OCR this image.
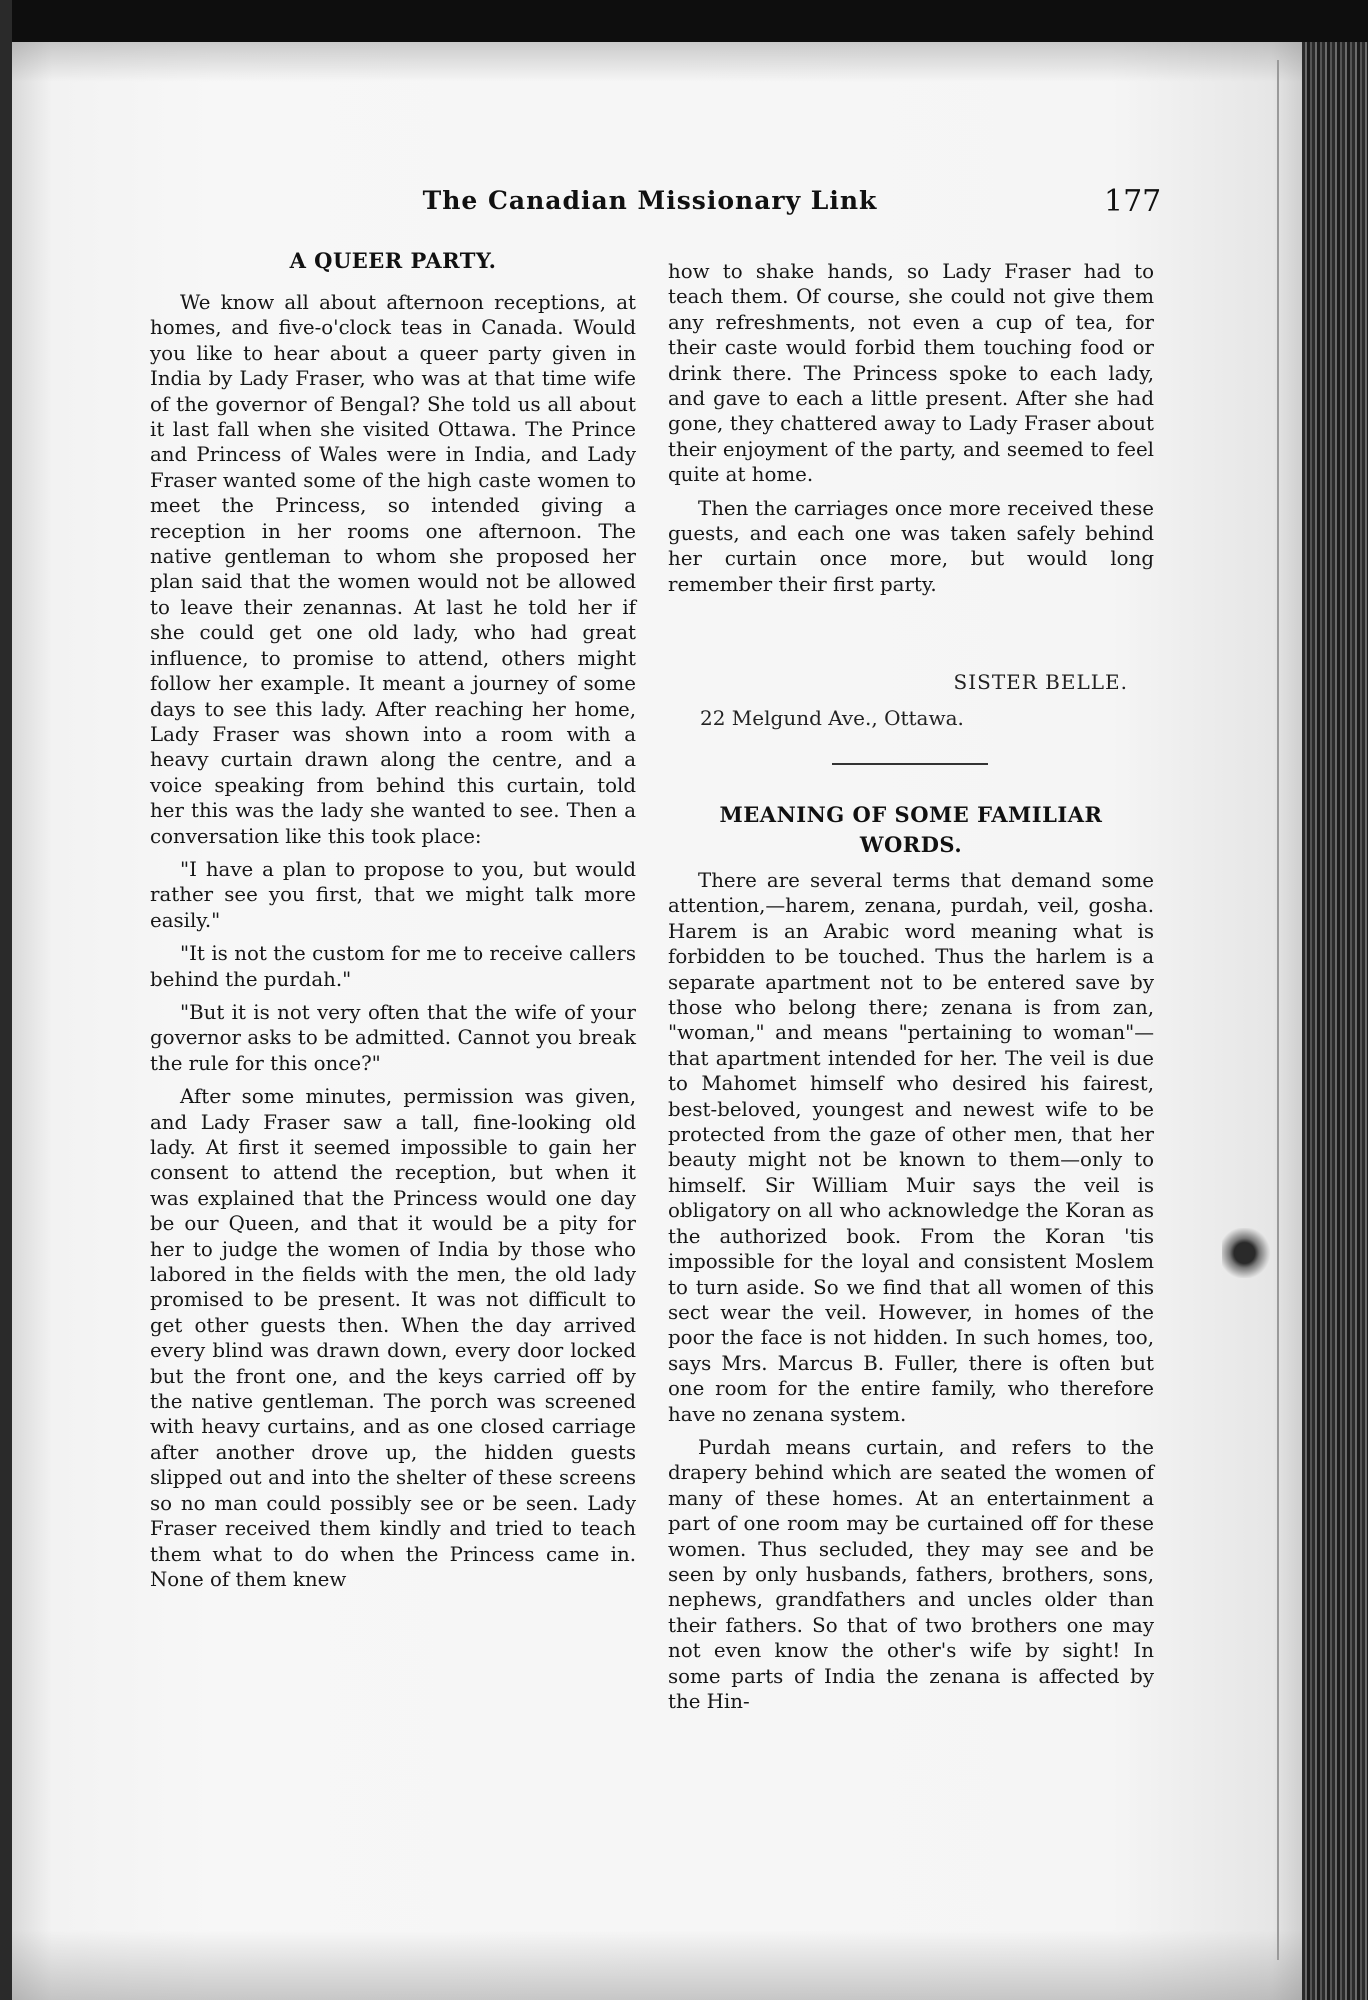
The Canadian Missionary Link	177
A QUEER PARTY.

We know all about afternoon receptions, at homes, and five-o'clock teas in Canada. Would you like to hear about a queer party given in India by Lady Fraser, who was at that time wife of the governor of Bengal? She told us all about it last fall when she visited Ottawa. The Prince and Princess of Wales were in India, and Lady Fraser wanted some of the high caste women to meet the Princess, so intended giving a reception in her rooms one afternoon. The native gentleman to whom she proposed her plan said that the women would not be allowed to leave their zenannas. At last he told her if she could get one old lady, who had great influence, to promise to attend, others might follow her example. It meant a journey of some days to see this lady. After reaching her home, Lady Fraser was shown into a room with a heavy curtain drawn along the centre, and a voice speaking from behind this curtain, told her this was the lady she wanted to see. Then a conversation like this took place:

"I have a plan to propose to you, but would rather see you first, that we might talk more easily."

"It is not the custom for me to receive callers behind the purdah."

"But it is not very often that the wife of your governor asks to be admitted. Cannot you break the rule for this once?"

After some minutes, permission was given, and Lady Fraser saw a tall, fine-looking old lady. At first it seemed impossible to gain her consent to attend the reception, but when it was explained that the Princess would one day be our Queen, and that it would be a pity for her to judge the women of India by those who labored in the fields with the men, the old lady promised to be present. It was not difficult to get other guests then. When the day arrived every blind was drawn down, every door locked but the front one, and the keys carried off by the native gentleman. The porch was screened with heavy curtains, and as one closed carriage after another drove up, the hidden guests slipped out and into the shelter of these screens so no man could possibly see or be seen. Lady Fraser received them kindly and tried to teach them what to do when the Princess came in. None of them knew

how to shake hands, so Lady Fraser had to teach them. Of course, she could not give them any refreshments, not even a cup of tea, for their caste would forbid them touching food or drink there. The Princess spoke to each lady, and gave to each a little present. After she had gone, they chattered away to Lady Fraser about their enjoyment of the party, and seemed to feel quite at home.

Then the carriages once more received these guests, and each one was taken safely behind her curtain once more, but would long remember their first party.

SISTER BELLE.
22 Melgund Ave., Ottawa.
MEANING OF SOME FAMILIAR WORDS.

There are several terms that demand some attention,—harem, zenana, purdah, veil, gosha. Harem is an Arabic word meaning what is forbidden to be touched. Thus the harlem is a separate apartment not to be entered save by those who belong there; zenana is from zan, "woman," and means "pertaining to woman"—that apartment intended for her. The veil is due to Mahomet himself who desired his fairest, best-beloved, youngest and newest wife to be protected from the gaze of other men, that her beauty might not be known to them—only to himself. Sir William Muir says the veil is obligatory on all who acknowledge the Koran as the authorized book. From the Koran 'tis impossible for the loyal and consistent Moslem to turn aside. So we find that all women of this sect wear the veil. However, in homes of the poor the face is not hidden. In such homes, too, says Mrs. Marcus B. Fuller, there is often but one room for the entire family, who therefore have no zenana system.

Purdah means curtain, and refers to the drapery behind which are seated the women of many of these homes. At an entertainment a part of one room may be curtained off for these women. Thus secluded, they may see and be seen by only husbands, fathers, brothers, sons, nephews, grandfathers and uncles older than their fathers. So that of two brothers one may not even know the other's wife by sight! In some parts of India the zenana is affected by the Hin-
